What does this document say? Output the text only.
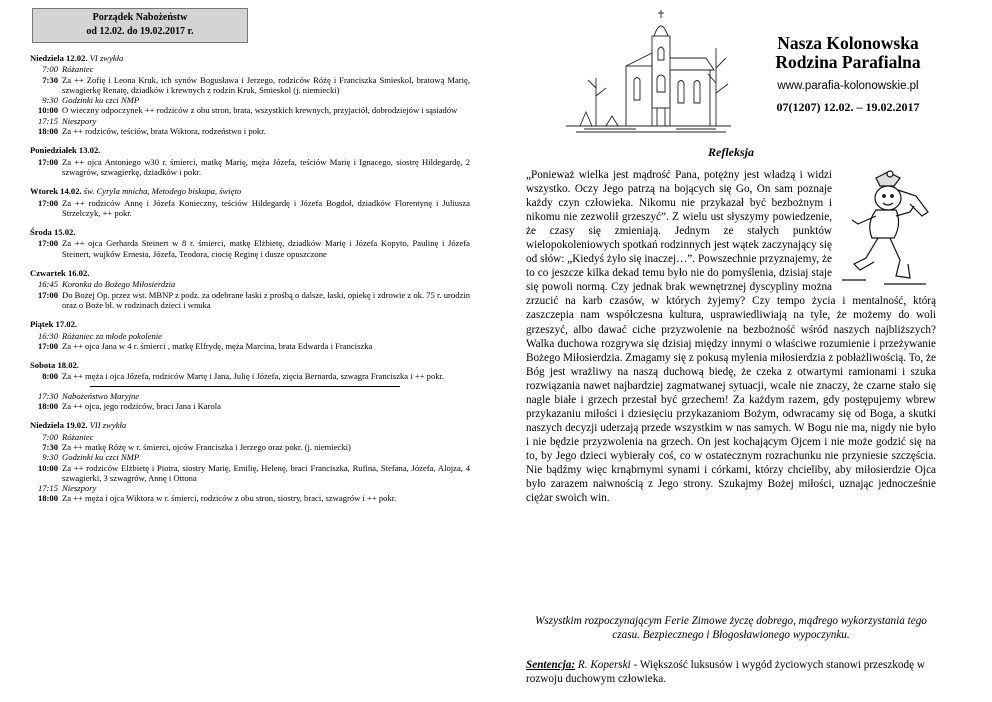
Porządek Nabożeństw
od 12.02. do 19.02.2017 r.
Niedziela 12.02. VI zwykła
7:00 Różaniec
7:30 Za ++ Zofię i Leona Kruk, ich synów Bogusława i Jerzego, rodziców Różę i Franciszka Smieskol, bratową Marię, szwagierkę Renatę, dziadków i krewnych z rodzin Kruk, Smieskol (j. niemiecki)
9:30 Godzinki ku czci NMP
10:00 O wieczny odpoczynek ++ rodziców z obu stron, brata, wszystkich krewnych, przyjaciół, dobrodziejów i sąsiadów
17:15 Nieszpory
18:00 Za ++ rodziców, teściów, brata Wiktora, rodzeństwo i pokr.
Poniedziałek 13.02.
17:00 Za ++ ojca Antoniego w30 r. śmierci, matkę Marię, męża Józefa, teściów Marię i Ignacego, siostrę Hildegardę, 2 szwagrów, szwagierkę, dziadków i pokr.
Wtorek 14.02. św. Cyryla mnicha, Metodego biskupa, święto
17:00 Za ++ rodziców Annę i Józefa Konieczny, teściów Hildegardę i Józefa Bogdoł, dziadków Florentynę i Juliusza Strzelczyk, ++ pokr.
Środa 15.02.
17:00 Za ++ ojca Gerharda Steinert w 8 r. śmierci, matkę Elżbietę, dziadków Marię i Józefa Kopyto, Paulinę i Józefa Steinert, wujków Ernesta, Józefa, Teodora, ciocię Reginę i dusze opuszczone
Czwartek 16.02.
16:45 Koronka do Bożego Miłosierdzia
17:00 Do Bożej Op. przez wst. MBNP z podz. za odebrane łaski z prośbą o dalsze, łaski, opiekę i zdrowie z ok. 75 r. urodzin oraz o Boże bł. w rodzinach dzieci i wnuka
Piątek 17.02.
16:30 Różaniec za młode pokolenie
17:00 Za ++ ojca Jana w 4 r. śmierci , matkę Elfrydę, męża Marcina, brata Edwarda i Franciszka
Sobota 18.02.
8:00 Za ++ męża i ojca Józefa, rodziców Martę i Jana, Julię i Józefa, zięcia Bernarda, szwagra Franciszka i ++ pokr.
17:30 Nabożeństwo Maryjne
18:00 Za ++ ojca, jego rodziców, braci Jana i Karola
Niedziela 19.02. VII zwykła
7:00 Różaniec
7:30 Za ++ matkę Różę w r. śmierci, ojców Franciszka i Jerzego oraz pokr. (j. niemiecki)
9:30 Godzinki ku czci NMP
10:00 Za ++ rodziców Elżbietę i Piotra, siostry Marię, Emilię, Helenę, braci Franciszka, Rufina, Stefana, Józefa, Alojza, 4 szwagierki, 3 szwagrów, Annę i Ottona
17:15 Nieszpory
18:00 Za ++ męża i ojca Wiktora w r. śmierci, rodziców z obu stron, siostry, braci, szwagrów i ++ pokr.
Nasza Kolonowska
Rodzina Parafialna
www.parafia-kolonowskie.pl
07(1207) 12.02. – 19.02.2017
Refleksja
„Ponieważ wielka jest mądrość Pana, potężny jest władzą i widzi wszystko. Oczy Jego patrzą na bojących się Go, On sam poznaje każdy czyn człowieka. Nikomu nie przykazał być bezbożnym i nikomu nie zezwolił grzeszyć”. Z wielu ust słyszymy powiedzenie, że czasy się zmieniają. Jednym ze stałych punktów wielopokoleniowych spotkań rodzinnych jest wątek zaczynający się od słów: „Kiedyś żyło się inaczej…”. Powszechnie przyznajemy, że to co jeszcze kilka dekad temu było nie do pomyślenia, dzisiaj staje się powoli normą. Czy jednak brak wewnętrznej dyscypliny można zrzucić na karb czasów, w których żyjemy? Czy tempo życia i mentalność, którą zaszczepia nam współczesna kultura, usprawiedliwiają na tyle, że możemy do woli grzeszyć, albo dawać ciche przyzwolenie na bezbożność wśród naszych najbliższych? Walka duchowa rozgrywa się dzisiaj między innymi o właściwe rozumienie i przeżywanie Bożego Miłosierdzia. Zmagamy się z pokusą mylenia miłosierdzia z pobłażliwością. To, że Bóg jest wrażliwy na naszą duchową biedę, że czeka z otwartymi ramionami i szuka rozwiązania nawet najbardziej zagmatwanej sytuacji, wcale nie znaczy, że czarne stało się nagle białe i grzech przestał być grzechem! Za każdym razem, gdy postępujemy wbrew przykazaniu miłości i dziesięciu przykazaniom Bożym, odwracamy się od Boga, a skutki naszych decyzji uderzają przede wszystkim w nas samych. W Bogu nie ma, nigdy nie było i nie będzie przyzwolenia na grzech. On jest kochającym Ojcem i nie może godzić się na to, by Jego dzieci wybierały coś, co w ostatecznym rozrachunku nie przyniesie szczęścia. Nie bądźmy więc krnąbrnymi synami i córkami, którzy chcieliby, aby miłosierdzie Ojca było zarazem naiwnością z Jego strony. Szukajmy Bożej miłości, uznając jednocześnie ciężar swoich win.
Wszystkim rozpoczynającym Ferie Zimowe życzę dobrego, mądrego wykorzystania tego czasu. Bezpiecznego i Błogosławionego wypoczynku.
Sentencja: R. Koperski - Większość luksusów i wygód życiowych stanowi przeszkodę w rozwoju duchowym człowieka.
